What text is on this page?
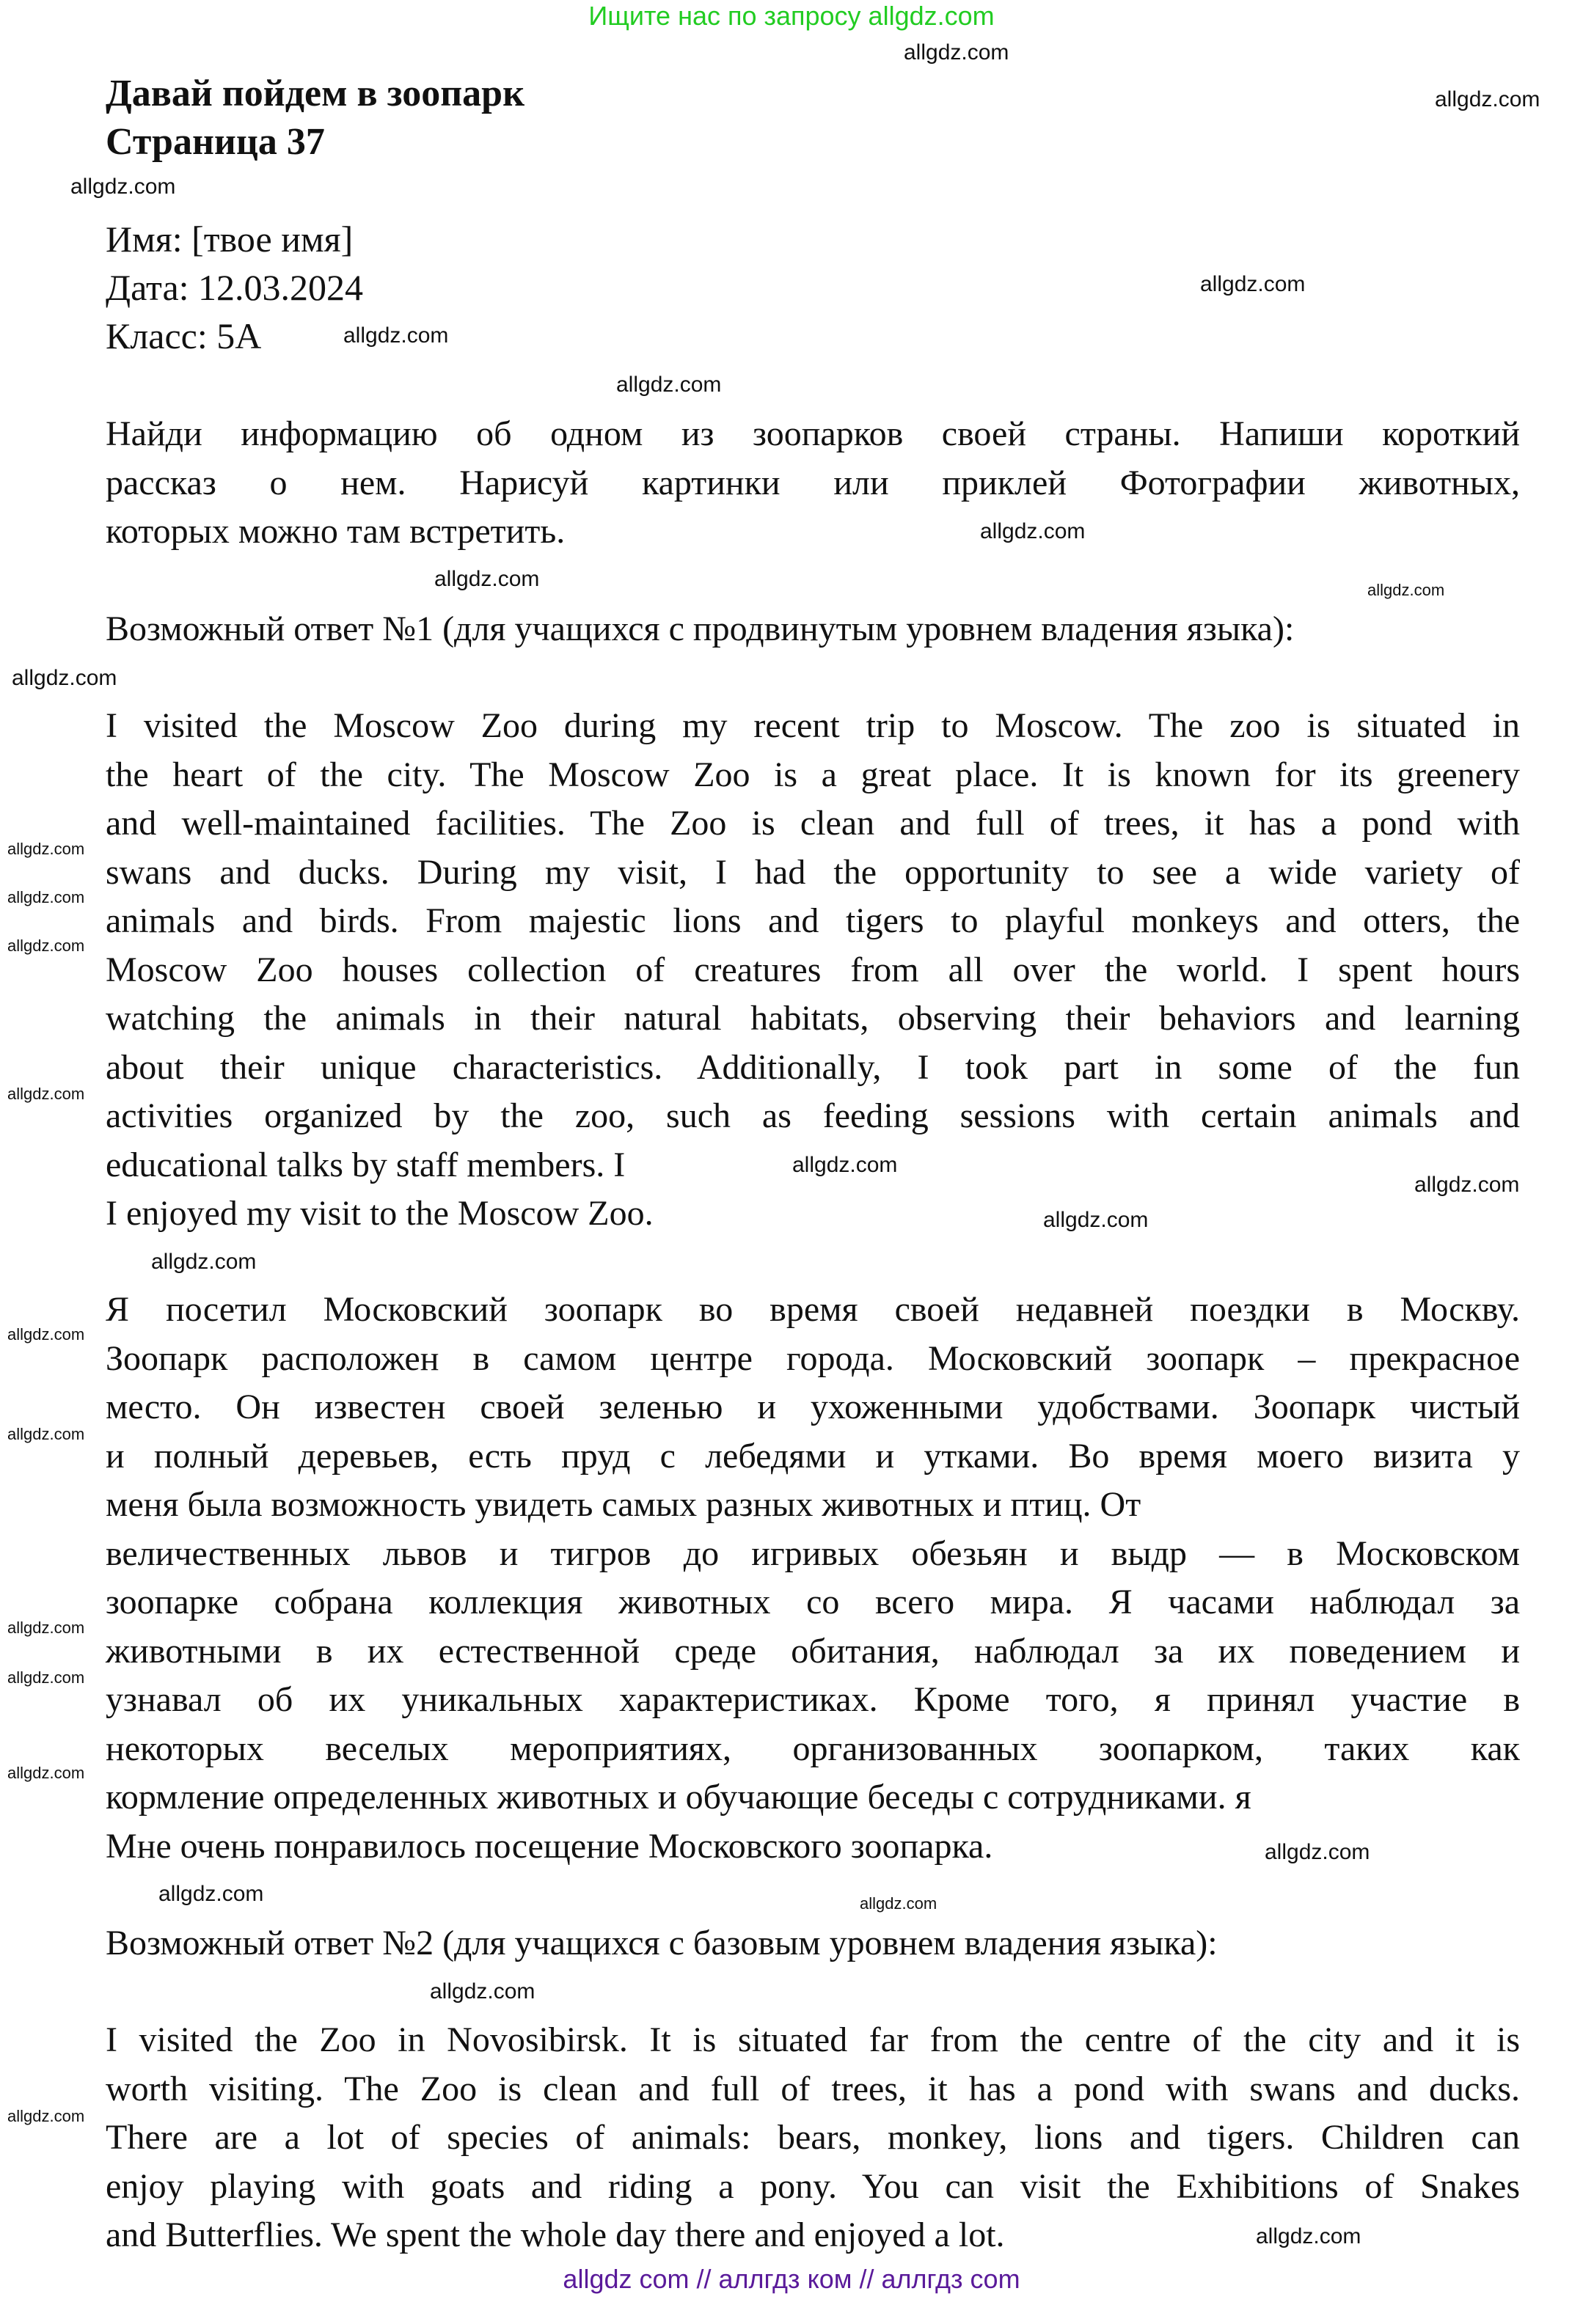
Ищите нас по запросу allgdz.com
Давай пойдем в зоопарк
Страница 37
Имя: [твое имя]
Дата: 12.03.2024
Класс: 5А
Найди информацию об одном из зоопарков своей страны. Напиши короткий
рассказ о нем. Нарисуй картинки или приклей Фотографии животных,
которых можно там встретить.
Возможный ответ №1 (для учащихся с продвинутым уровнем владения языка):
I visited the Moscow Zoo during my recent trip to Moscow. The zoo is situated in
the heart of the city. The Moscow Zoo is a great place. It is known for its greenery
and well-maintained facilities. The Zoo is clean and full of trees, it has a pond with
swans and ducks. During my visit, I had the opportunity to see a wide variety of
animals and birds. From majestic lions and tigers to playful monkeys and otters, the
Moscow Zoo houses collection of creatures from all over the world. I spent hours
watching the animals in their natural habitats, observing their behaviors and learning
about their unique characteristics. Additionally, I took part in some of the fun
activities organized by the zoo, such as feeding sessions with certain animals and
educational talks by staff members. I
I enjoyed my visit to the Moscow Zoo.
Я посетил Московский зоопарк во время своей недавней поездки в Москву.
Зоопарк расположен в самом центре города. Московский зоопарк – прекрасное
место. Он известен своей зеленью и ухоженными удобствами. Зоопарк чистый
и полный деревьев, есть пруд с лебедями и утками. Во время моего визита у
меня была возможность увидеть самых разных животных и птиц. От
величественных львов и тигров до игривых обезьян и выдр — в Московском
зоопарке собрана коллекция животных со всего мира. Я часами наблюдал за
животными в их естественной среде обитания, наблюдал за их поведением и
узнавал об их уникальных характеристиках. Кроме того, я принял участие в
некоторых веселых мероприятиях, организованных зоопарком, таких как
кормление определенных животных и обучающие беседы с сотрудниками. я
Мне очень понравилось посещение Московского зоопарка.
Возможный ответ №2 (для учащихся с базовым уровнем владения языка):
I visited the Zoo in Novosibirsk. It is situated far from the centre of the city and it is
worth visiting. The Zoo is clean and full of trees, it has a pond with swans and ducks.
There are a lot of species of animals: bears, monkey, lions and tigers. Children can
enjoy playing with goats and riding a pony. You can visit the Exhibitions of Snakes
and Butterflies. We spent the whole day there and enjoyed a lot.
allgdz.com
allgdz.com
allgdz.com
allgdz.com
allgdz.com
allgdz.com
allgdz.com
allgdz.com	allgdz.com
allgdz.com
allgdz.com
allgdz.com
allgdz.com
allgdz.com
allgdz.com
allgdz.com
allgdz.com
allgdz.com
allgdz.com
allgdz.com
allgdz.com
allgdz.com
allgdz.com
allgdz.com
allgdz.com	allgdz.com
allgdz.com
allgdz.com
allgdz.com
allgdz com // аллгдз ком // аллгдз com
